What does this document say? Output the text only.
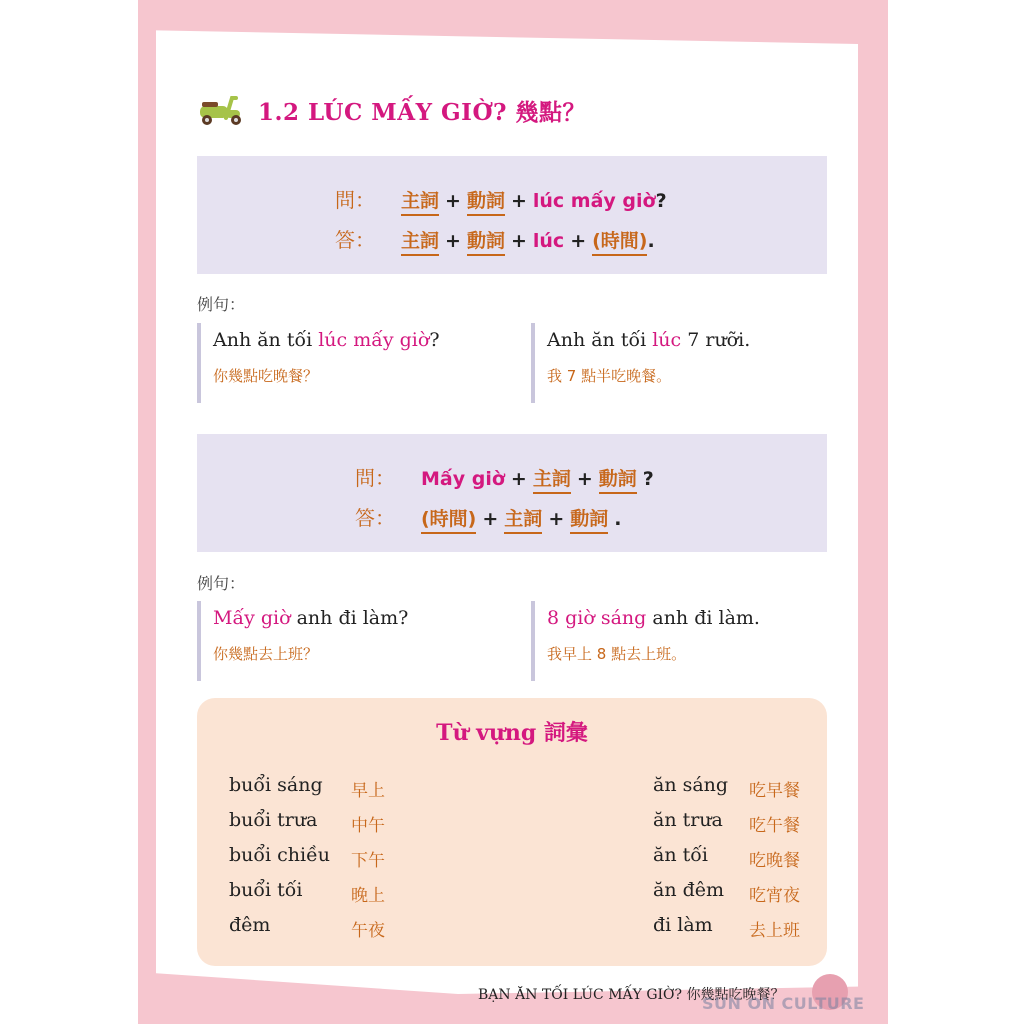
1.2 LÚC MẤY GIỜ? 幾點？
問： 主詞 + 動詞 + lúc mấy giờ ?
答： 主詞 + 動詞 + lúc + (時間) .
例句：
Anh ăn tối lúc mấy giờ?
你幾點吃晚餐？
Anh ăn tối lúc 7 rưỡi.
我 7 點半吃晚餐。
問： Mấy giờ + 主詞 + 動詞 ?
答： (時間) + 主詞 + 動詞 .
例句：
Mấy giờ anh đi làm?
你幾點去上班？
8 giờ sáng anh đi làm.
我早上 8 點去上班。
Từ vựng 詞彙
buổi sáng 早上
buổi trưa 中午
buổi chiều 下午
buổi tối	晚上
đêm	午夜
ăn sáng 吃早餐
ăn trưa 吃午餐
ăn tối 吃晚餐
ăn đêm 吃宵夜
đi làm 去上班
BẠN ĂN TỐI LÚC MẤY GIỜ? 你幾點吃晚餐？
SUN ON CULTURE
